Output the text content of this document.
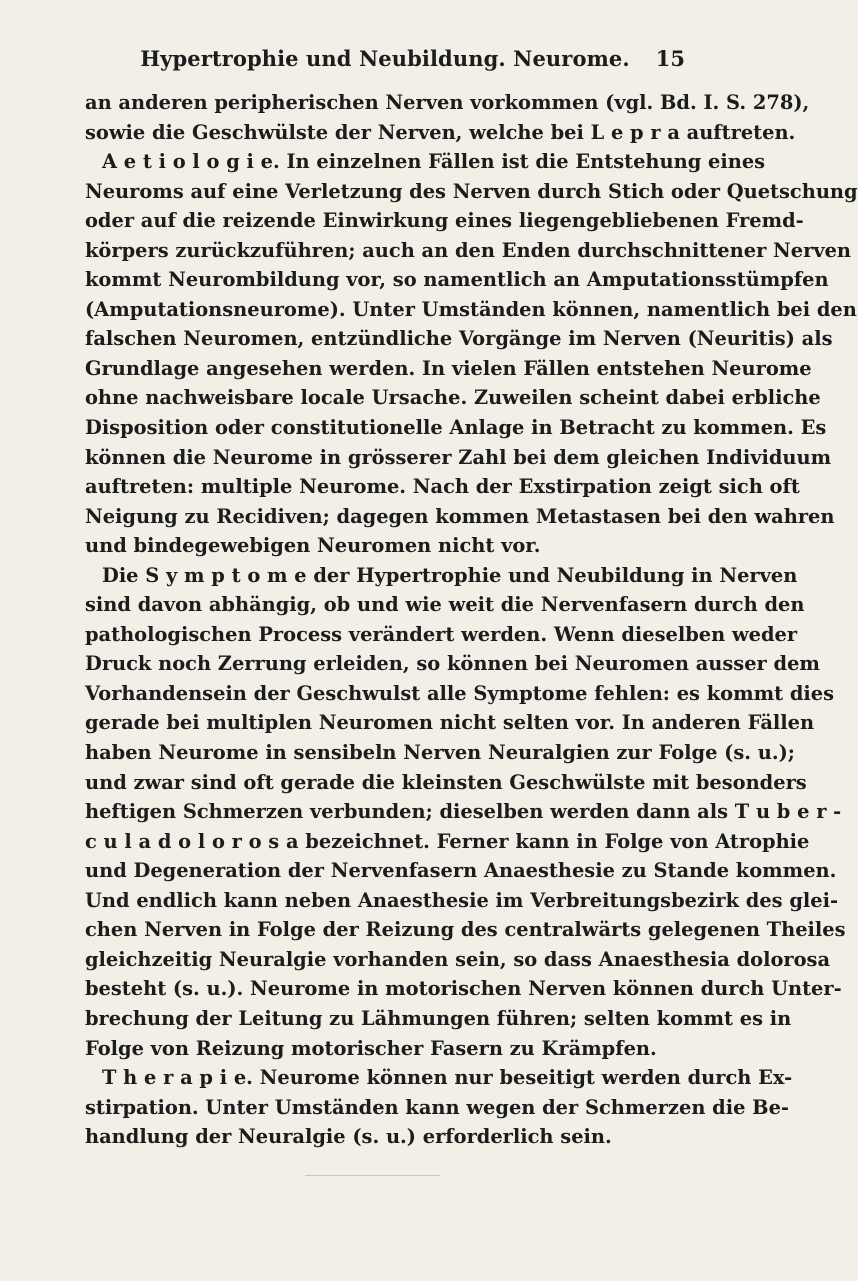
Hypertrophie und Neubildung. Neurome.	15
an anderen peripherischen Nerven vorkommen (vgl. Bd. I. S. 278),
sowie die Geschwülste der Nerven, welche bei L e p r a auftreten.
A e t i o l o g i e. In einzelnen Fällen ist die Entstehung eines
Neuroms auf eine Verletzung des Nerven durch Stich oder Quetschung
oder auf die reizende Einwirkung eines liegengebliebenen Fremd-
körpers zurückzuführen; auch an den Enden durchschnittener Nerven
kommt Neurombildung vor, so namentlich an Amputationsstümpfen
(Amputationsneurome). Unter Umständen können, namentlich bei den
falschen Neuromen, entzündliche Vorgänge im Nerven (Neuritis) als
Grundlage angesehen werden. In vielen Fällen entstehen Neurome
ohne nachweisbare locale Ursache. Zuweilen scheint dabei erbliche
Disposition oder constitutionelle Anlage in Betracht zu kommen. Es
können die Neurome in grösserer Zahl bei dem gleichen Individuum
auftreten: multiple Neurome. Nach der Exstirpation zeigt sich oft
Neigung zu Recidiven; dagegen kommen Metastasen bei den wahren
und bindegewebigen Neuromen nicht vor.
Die S y m p t o m e der Hypertrophie und Neubildung in Nerven
sind davon abhängig, ob und wie weit die Nervenfasern durch den
pathologischen Process verändert werden. Wenn dieselben weder
Druck noch Zerrung erleiden, so können bei Neuromen ausser dem
Vorhandensein der Geschwulst alle Symptome fehlen: es kommt dies
gerade bei multiplen Neuromen nicht selten vor. In anderen Fällen
haben Neurome in sensibeln Nerven Neuralgien zur Folge (s. u.);
und zwar sind oft gerade die kleinsten Geschwülste mit besonders
heftigen Schmerzen verbunden; dieselben werden dann als T u b e r -
c u l a d o l o r o s a bezeichnet. Ferner kann in Folge von Atrophie
und Degeneration der Nervenfasern Anaesthesie zu Stande kommen.
Und endlich kann neben Anaesthesie im Verbreitungsbezirk des glei-
chen Nerven in Folge der Reizung des centralwärts gelegenen Theiles
gleichzeitig Neuralgie vorhanden sein, so dass Anaesthesia dolorosa
besteht (s. u.). Neurome in motorischen Nerven können durch Unter-
brechung der Leitung zu Lähmungen führen; selten kommt es in
Folge von Reizung motorischer Fasern zu Krämpfen.
T h e r a p i e. Neurome können nur beseitigt werden durch Ex-
stirpation. Unter Umständen kann wegen der Schmerzen die Be-
handlung der Neuralgie (s. u.) erforderlich sein.
